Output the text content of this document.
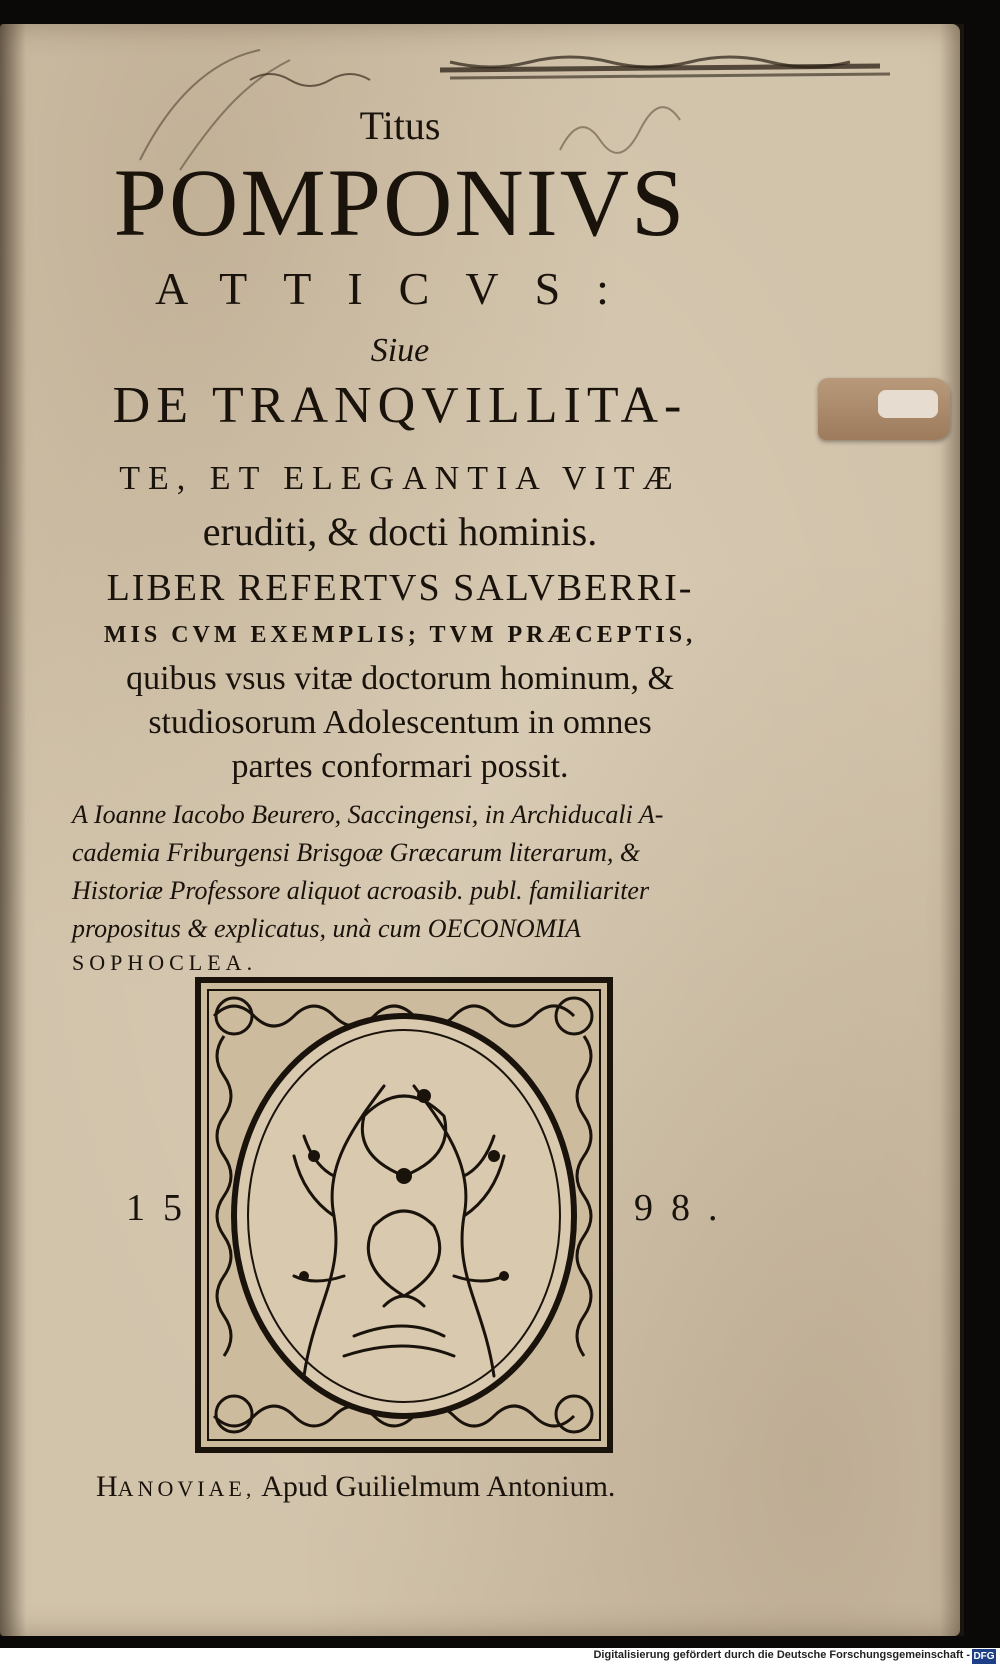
Titus

POMPONIVS

ATTICVS:

Siue

DE TRANQVILLITA-

TE, ET ELEGANTIA VITÆ

eruditi, & docti hominis.

LIBER REFERTVS SALVBERRI-

MIS CVM EXEMPLIS; TVM PRÆCEPTIS,

quibus vsus vitæ doctorum hominum, &

studiosorum Adolescentum in omnes

partes conformari possit.

A Ioanne Iacobo Beurero, Saccingensi, in Archiducali A-

cademia Friburgensi Brisgoæ Græcarum literarum, &

Historiæ Professore aliquot acroasib. publ. familiariter

propositus & explicatus, unà cum OECONOMIA

SOPHOCLEA.

15	98.

HANOVIAE, Apud Guilielmum Antonium.

Digitalisierung gefördert durch die Deutsche Forschungsgemeinschaft - DFG
